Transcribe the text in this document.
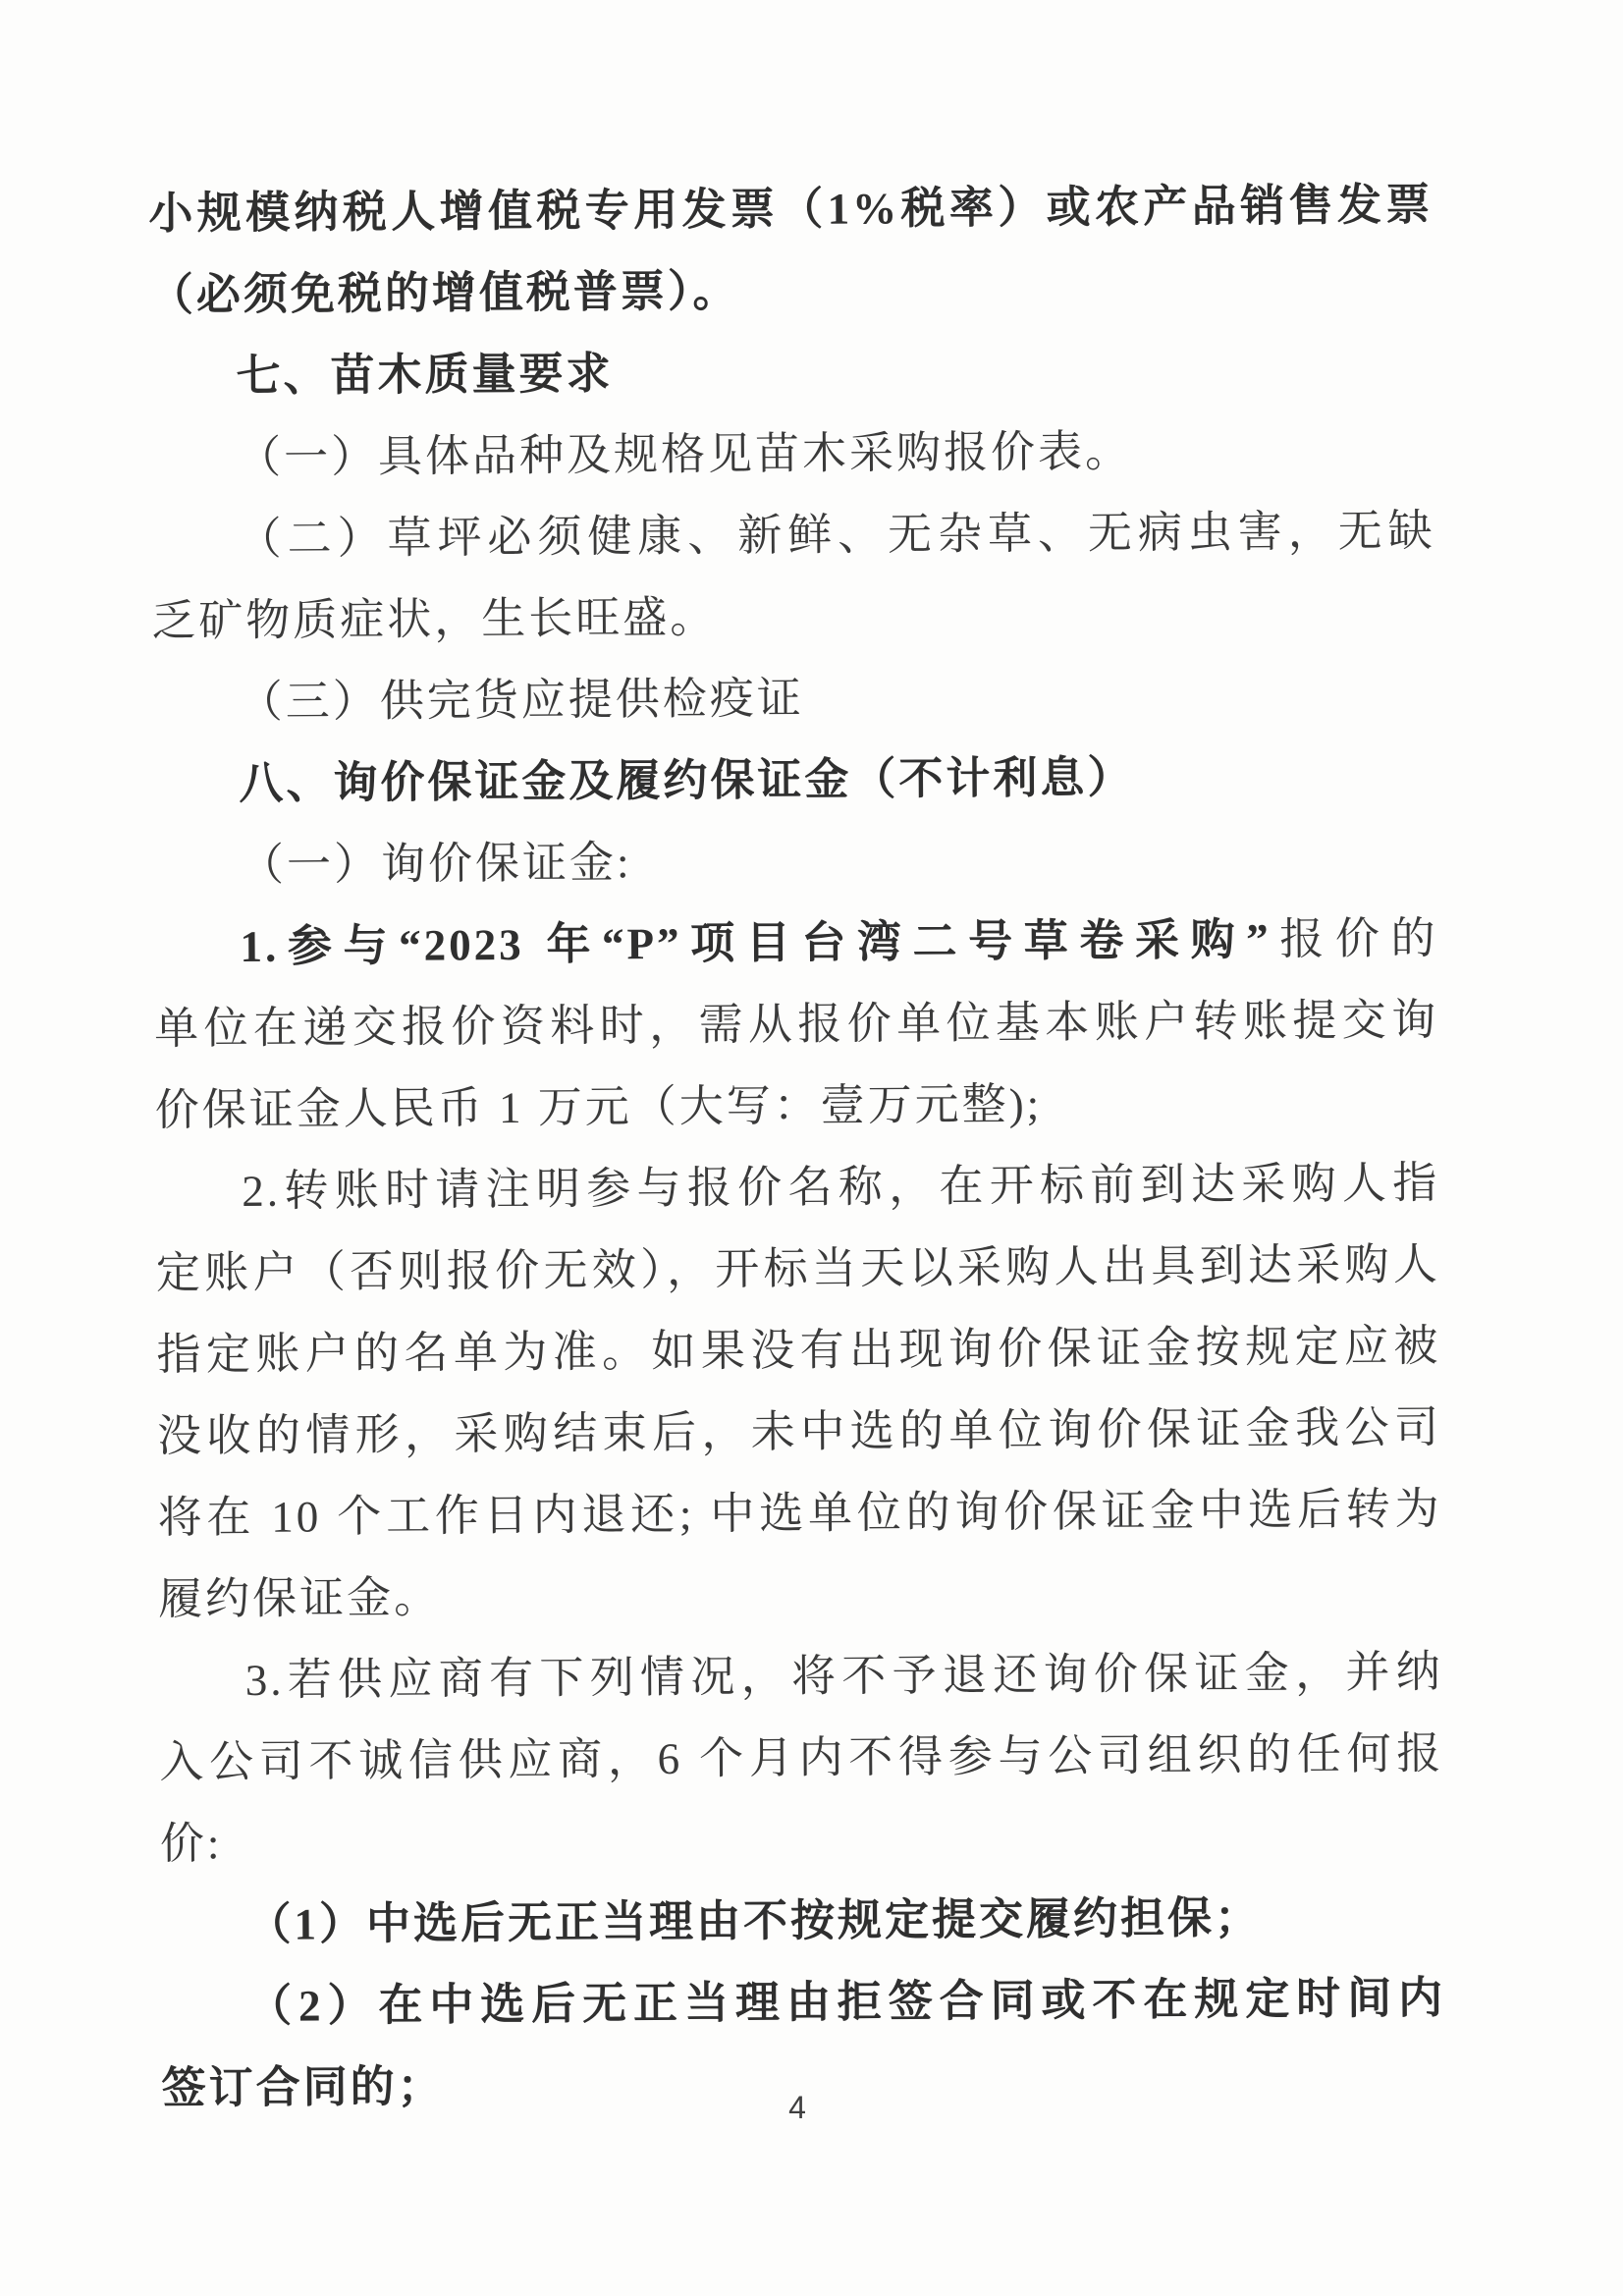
小规模纳税人增值税专用发票（1%税率）或农产品销售发票
（必须免税的增值税普票）。
七、苗木质量要求
（一）具体品种及规格见苗木采购报价表。
（二）草坪必须健康、新鲜、无杂草、无病虫害，无缺
乏矿物质症状，生长旺盛。
（三）供完货应提供检疫证
八、询价保证金及履约保证金（不计利息）
（一）询价保证金:
1.参与“2023 年“P”项目台湾二号草卷采购”报价的
单位在递交报价资料时，需从报价单位基本账户转账提交询
价保证金人民币 1 万元（大写：壹万元整);
2.转账时请注明参与报价名称，在开标前到达采购人指
定账户（否则报价无效），开标当天以采购人出具到达采购人
指定账户的名单为准。如果没有出现询价保证金按规定应被
没收的情形，采购结束后，未中选的单位询价保证金我公司
将在 10 个工作日内退还; 中选单位的询价保证金中选后转为
履约保证金。
3.若供应商有下列情况，将不予退还询价保证金，并纳
入公司不诚信供应商，6 个月内不得参与公司组织的任何报
价:
（1）中选后无正当理由不按规定提交履约担保；
（2）在中选后无正当理由拒签合同或不在规定时间内
签订合同的；	4
